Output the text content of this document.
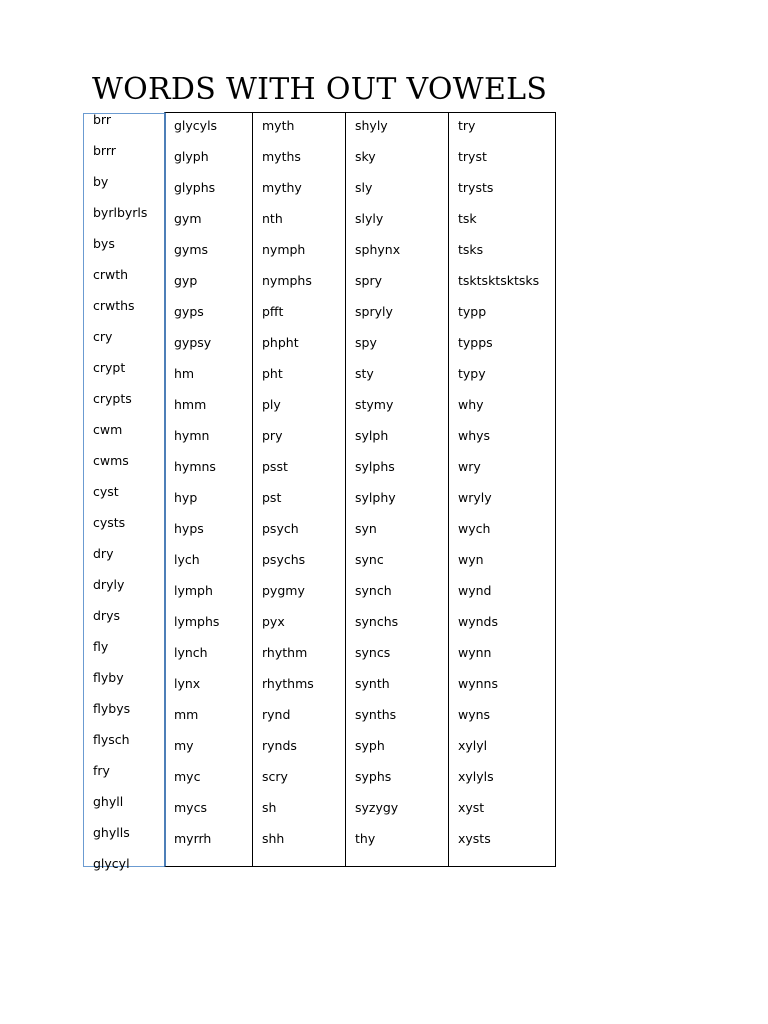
WORDS WITH OUT VOWELS
brr
brrr
by
byrlbyrls
bys
crwth
crwths
cry
crypt
crypts
cwm
cwms
cyst
cysts
dry
dryly
drys
fly
flyby
flybys
flysch
fry
ghyll
ghylls
glycyl
glycyls
glyph
glyphs
gym
gyms
gyp
gyps
gypsy
hm
hmm
hymn
hymns
hyp
hyps
lych
lymph
lymphs
lynch
lynx
mm
my
myc
mycs
myrrh
myth
myths
mythy
nth
nymph
nymphs
pfft
phpht
pht
ply
pry
psst
pst
psych
psychs
pygmy
pyx
rhythm
rhythms
rynd
rynds
scry
sh
shh
shyly
sky
sly
slyly
sphynx
spry
spryly
spy
sty
stymy
sylph
sylphs
sylphy
syn
sync
synch
synchs
syncs
synth
synths
syph
syphs
syzygy
thy
try
tryst
trysts
tsk
tsks
tsktsktsktsks
typp
typps
typy
why
whys
wry
wryly
wych
wyn
wynd
wynds
wynn
wynns
wyns
xylyl
xylyls
xyst
xysts
